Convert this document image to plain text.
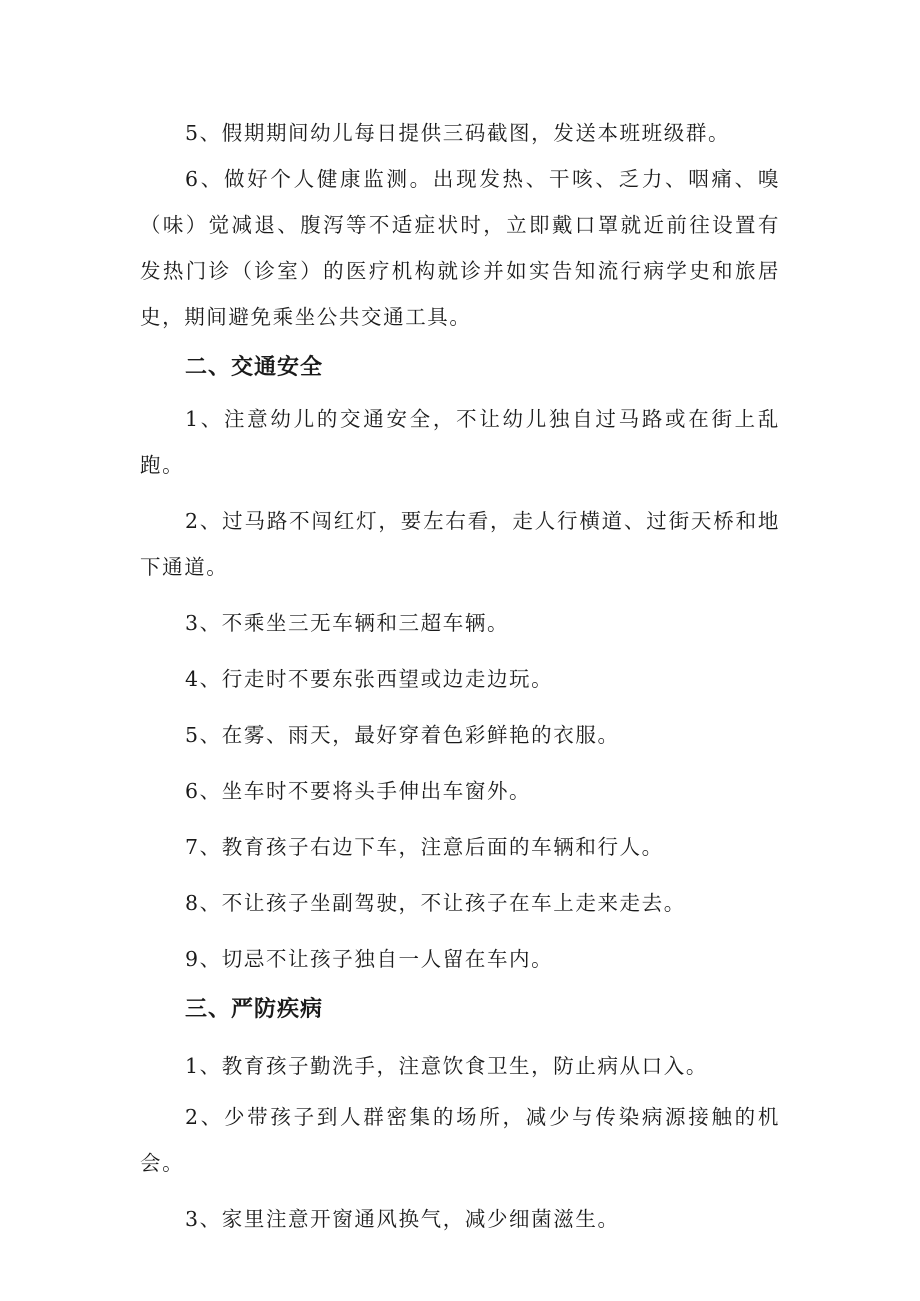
5、假期期间幼儿每日提供三码截图，发送本班班级群。

6、做好个人健康监测。出现发热、干咳、乏力、咽痛、嗅（味）觉减退、腹泻等不适症状时，立即戴口罩就近前往设置有发热门诊（诊室）的医疗机构就诊并如实告知流行病学史和旅居史，期间避免乘坐公共交通工具。

二、交通安全

1、注意幼儿的交通安全，不让幼儿独自过马路或在街上乱跑。

2、过马路不闯红灯，要左右看，走人行横道、过街天桥和地下通道。

3、不乘坐三无车辆和三超车辆。

4、行走时不要东张西望或边走边玩。

5、在雾、雨天，最好穿着色彩鲜艳的衣服。

6、坐车时不要将头手伸出车窗外。

7、教育孩子右边下车，注意后面的车辆和行人。

8、不让孩子坐副驾驶，不让孩子在车上走来走去。

9、切忌不让孩子独自一人留在车内。

三、严防疾病

1、教育孩子勤洗手，注意饮食卫生，防止病从口入。

2、少带孩子到人群密集的场所，减少与传染病源接触的机会。

3、家里注意开窗通风换气，减少细菌滋生。
